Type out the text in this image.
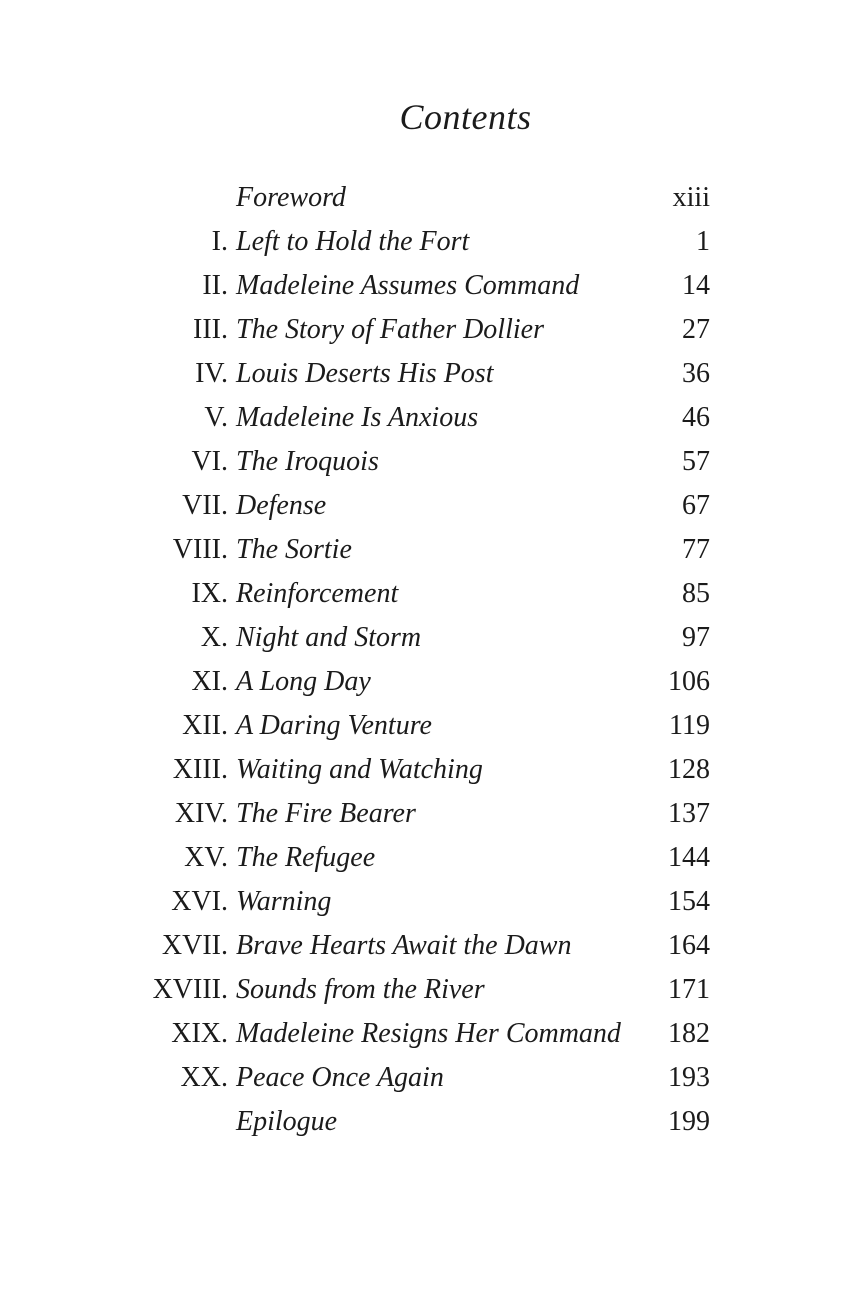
Contents
Foreword	xiii
I. Left to Hold the Fort	1
II. Madeleine Assumes Command	14
III. The Story of Father Dollier	27
IV. Louis Deserts His Post	36
V. Madeleine Is Anxious	46
VI. The Iroquois	57
VII. Defense	67
VIII. The Sortie	77
IX. Reinforcement	85
X. Night and Storm	97
XI. A Long Day	106
XII. A Daring Venture	119
XIII. Waiting and Watching	128
XIV. The Fire Bearer	137
XV. The Refugee	144
XVI. Warning	154
XVII. Brave Hearts Await the Dawn	164
XVIII. Sounds from the River	171
XIX. Madeleine Resigns Her Command 182
XX. Peace Once Again	193
Epilogue	199
